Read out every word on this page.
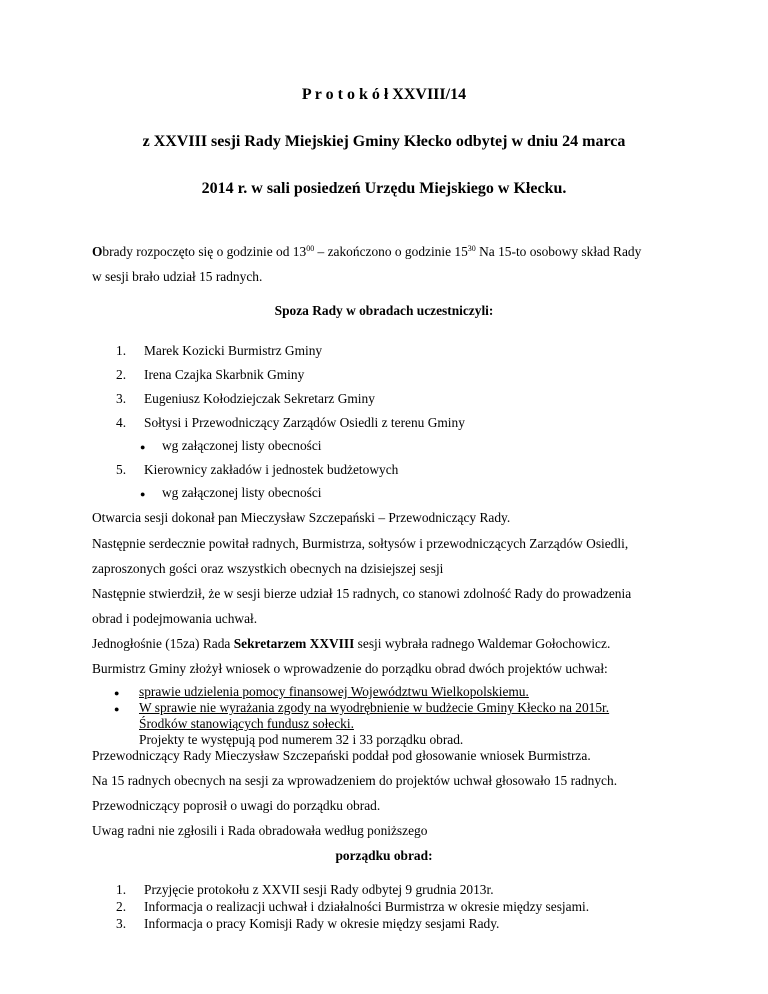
P r o t o k ó ł XXVIII/14
z XXVIII sesji Rady Miejskiej Gminy Kłecko odbytej w dniu 24 marca
2014 r. w sali posiedzeń Urzędu Miejskiego w Kłecku.
Obrady rozpoczęto się o godzinie od $13^{00}$ – zakończono o godzinie $15^{30}$ Na 15-to osobowy skład Rady
w sesji brało udział 15 radnych.
Spoza Rady w obradach uczestniczyli:
1. Marek Kozicki Burmistrz Gminy
2. Irena Czajka Skarbnik Gminy
3. Eugeniusz Kołodziejczak Sekretarz Gminy
4. Sołtysi i Przewodniczący Zarządów Osiedli z terenu Gminy
● wg załączonej listy obecności
5. Kierownicy zakładów i jednostek budżetowych
● wg załączonej listy obecności
Otwarcia sesji dokonał pan Mieczysław Szczepański – Przewodniczący Rady.
Następnie serdecznie powitał radnych, Burmistrza, sołtysów i przewodniczących Zarządów Osiedli,
zaproszonych gości oraz wszystkich obecnych na dzisiejszej sesji
Następnie stwierdził, że w sesji bierze udział 15 radnych, co stanowi zdolność Rady do prowadzenia
obrad i podejmowania uchwał.
Jednogłośnie (15za) Rada Sekretarzem XXVIII sesji wybrała radnego Waldemar Gołochowicz.
Burmistrz Gminy złożył wniosek o wprowadzenie do porządku obrad dwóch projektów uchwał:
● sprawie udzielenia pomocy finansowej Województwu Wielkopolskiemu.
● W sprawie nie wyrażania zgody na wyodrębnienie w budżecie Gminy Kłecko na 2015r.
Środków stanowiących fundusz sołecki.
Projekty te występują pod numerem 32 i 33 porządku obrad.
Przewodniczący Rady Mieczysław Szczepański poddał pod głosowanie wniosek Burmistrza.
Na 15 radnych obecnych na sesji za wprowadzeniem do projektów uchwał głosowało 15 radnych.
Przewodniczący poprosił o uwagi do porządku obrad.
Uwag radni nie zgłosili i Rada obradowała według poniższego
porządku obrad:
1. Przyjęcie protokołu z XXVII sesji Rady odbytej 9 grudnia 2013r.
2. Informacja o realizacji uchwał i działalności Burmistrza w okresie między sesjami.
3. Informacja o pracy Komisji Rady w okresie między sesjami Rady.
